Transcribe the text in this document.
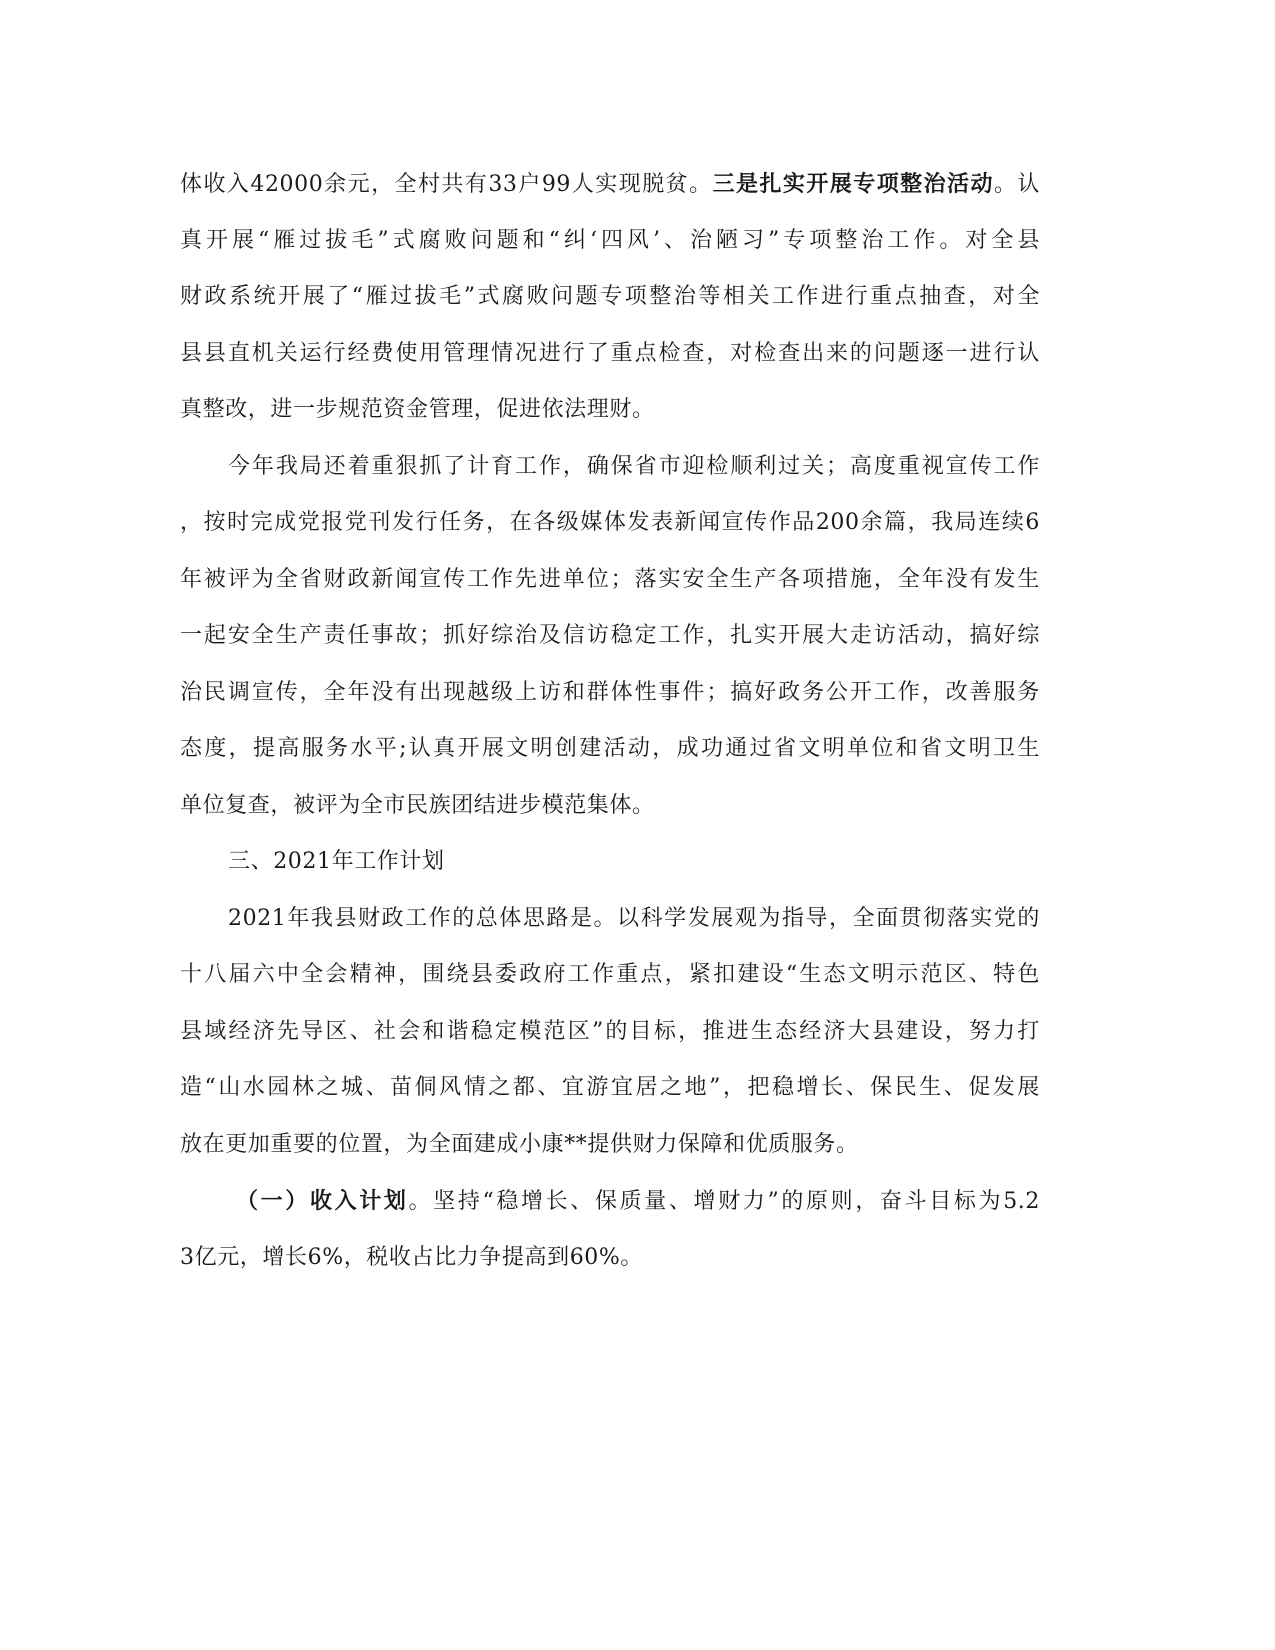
体收入42000余元，全村共有33户99人实现脱贫。三是扎实开展专项整治活动。认
真开展“雁过拔毛”式腐败问题和“纠‘四风’、治陋习”专项整治工作。对全县
财政系统开展了“雁过拔毛”式腐败问题专项整治等相关工作进行重点抽查，对全
县县直机关运行经费使用管理情况进行了重点检查，对检查出来的问题逐一进行认
真整改，进一步规范资金管理，促进依法理财。
今年我局还着重狠抓了计育工作，确保省市迎检顺利过关；高度重视宣传工作
，按时完成党报党刊发行任务，在各级媒体发表新闻宣传作品200余篇，我局连续6
年被评为全省财政新闻宣传工作先进单位；落实安全生产各项措施，全年没有发生
一起安全生产责任事故；抓好综治及信访稳定工作，扎实开展大走访活动，搞好综
治民调宣传，全年没有出现越级上访和群体性事件；搞好政务公开工作，改善服务
态度，提高服务水平;认真开展文明创建活动，成功通过省文明单位和省文明卫生
单位复查，被评为全市民族团结进步模范集体。
三、2021年工作计划
2021年我县财政工作的总体思路是。以科学发展观为指导，全面贯彻落实党的
十八届六中全会精神，围绕县委政府工作重点，紧扣建设“生态文明示范区、特色
县域经济先导区、社会和谐稳定模范区”的目标，推进生态经济大县建设，努力打
造“山水园林之城、苗侗风情之都、宜游宜居之地”，把稳增长、保民生、促发展
放在更加重要的位置，为全面建成小康**提供财力保障和优质服务。
（一）收入计划。坚持“稳增长、保质量、增财力”的原则，奋斗目标为5.2
3亿元，增长6%，税收占比力争提高到60%。
